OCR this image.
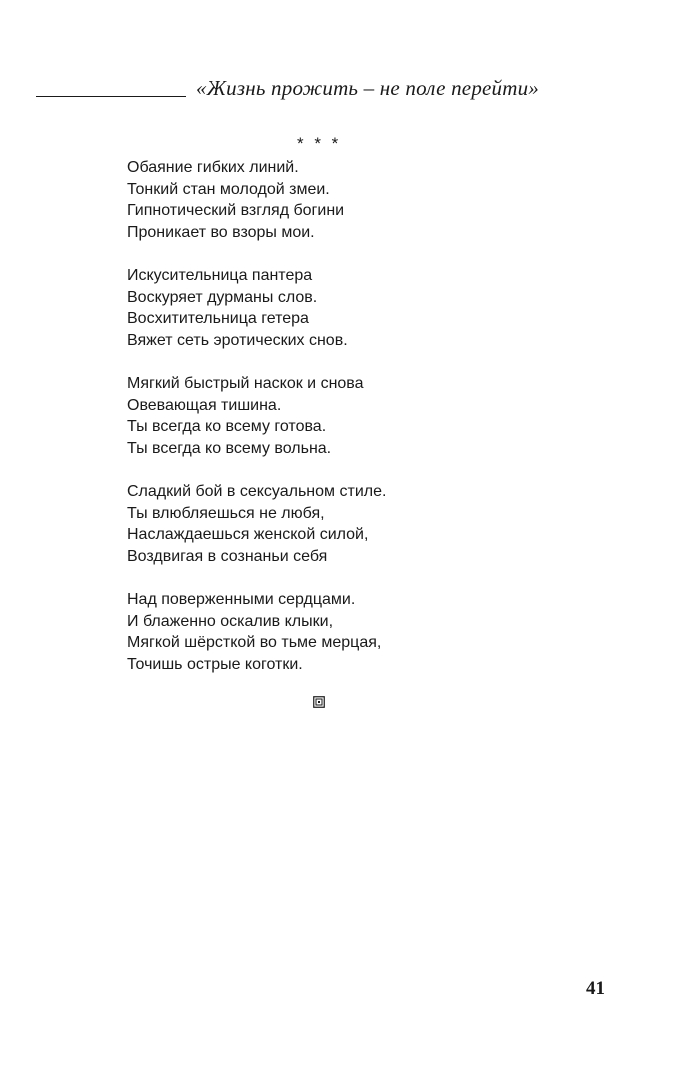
«Жизнь прожить – не поле перейти»
* * *
Обаяние гибких линий.
Тонкий стан молодой змеи.
Гипнотический взгляд богини
Проникает во взоры мои.
Искусительница пантера
Воскуряет дурманы слов.
Восхитительница гетера
Вяжет сеть эротических снов.
Мягкий быстрый наскок и снова
Овевающая тишина.
Ты всегда ко всему готова.
Ты всегда ко всему вольна.
Сладкий бой в сексуальном стиле.
Ты влюбляешься не любя,
Наслаждаешься женской силой,
Воздвигая в сознаньи себя
Над поверженными сердцами.
И блаженно оскалив клыки,
Мягкой шёрсткой во тьме мерцая,
Точишь острые коготки.
41
